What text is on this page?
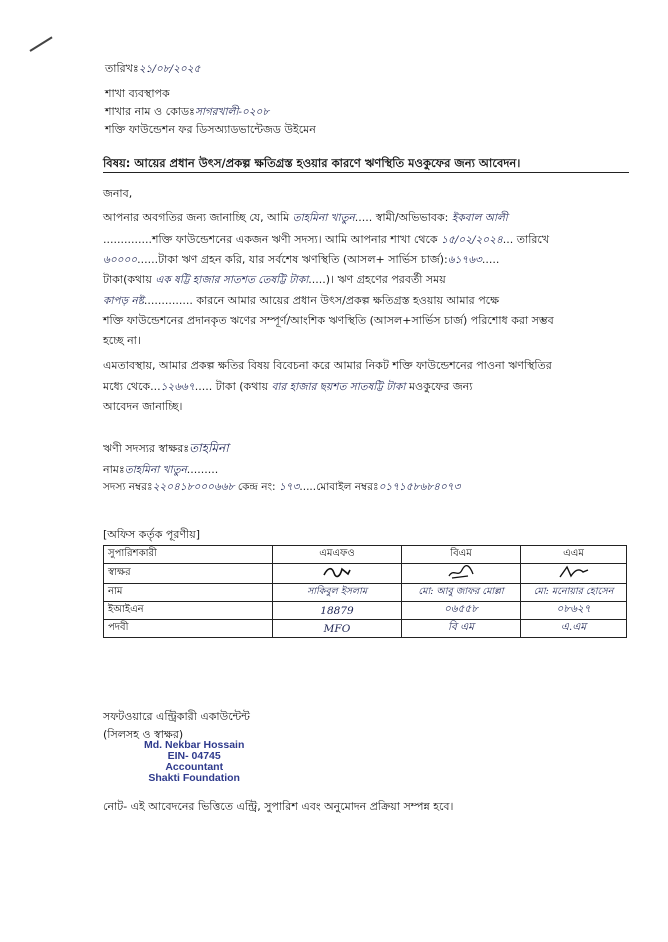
তারিখঃ২১/০৮/২০২৫
শাখা ব্যবস্থাপক
শাখার নাম ও কোডঃসাগরখালী-০২০৮
শক্তি ফাউন্ডেশন ফর ডিসঅ্যাডভান্টেজড উইমেন
বিষয়: আয়ের প্রধান উৎস/প্রকল্প ক্ষতিগ্রস্ত হওয়ার কারণে ঋণস্থিতি মওকুফের জন্য আবেদন।
জনাব,
আপনার অবগতির জন্য জানাচ্ছি যে, আমি তাহমিনা খাতুন..... স্বামী/অভিভাবক: ইকবাল আলী
..............শক্তি ফাউন্ডেশনের একজন ঋণী সদস্য। আমি আপনার শাখা থেকে ১৫/০২/২০২৪... তারিখে
৬০০০০......টাকা ঋণ গ্রহন করি, যার সর্বশেষ ঋণস্থিতি (আসল+ সার্ভিস চার্জ):৬১৭৬৩.....
টাকা(কথায় এক ষট্টি হাজার সাতশত তেষট্টি টাকা.....)। ঋণ গ্রহণের পরবর্তী সময়
কাপড় নষ্ট.............. কারনে আমার আয়ের প্রধান উৎস/প্রকল্প ক্ষতিগ্রস্ত হওয়ায় আমার পক্ষে
শক্তি ফাউন্ডেশনের প্রদানকৃত ঋণের সম্পূর্ণ/আংশিক ঋণস্থিতি (আসল+সার্ভিস চার্জ) পরিশোধ করা সম্ভব
হচ্ছে না।
এমতাবস্থায়, আমার প্রকল্প ক্ষতির বিষয় বিবেচনা করে আমার নিকট শক্তি ফাউন্ডেশনের পাওনা ঋণস্থিতির
মধ্যে থেকে...১২৬৬৭..... টাকা (কথায় বার হাজার ছয়শত সাতষট্টি টাকা মওকুফের জন্য
আবেদন জানাচ্ছি।
ঋণী সদস্যর স্বাক্ষরঃতাহমিনা
নামঃতাহমিনা খাতুন.........
সদস্য নম্বরঃ২২০৪১৮০০০৬৬৮ কেন্দ্র নং: ১৭৩.....মোবাইল নম্বরঃ০১৭১৫৮৬৮৪০৭৩
[অফিস কর্তৃক পূরণীয়]
সুপারিশকারী	এমএফও	বিএম	এএম
স্বাক্ষর			
নাম	সাকিবুল ইসলাম	মো: আবু জাফর মোল্লা	মো: মনোয়ার হোসেন
ইআইএন	18879	০৬৫৫৮	০৮৬২৭
পদবী	MFO	বি এম	এ.এম
সফটওয়ারে এন্ট্রিকারী একাউন্টেন্ট
(সিলসহ ও স্বাক্ষর)
Md. Nekbar Hossain
EIN- 04745
Accountant
Shakti Foundation
নোট- এই আবেদনের ভিত্তিতে এন্ট্রি, সুপারিশ এবং অনুমোদন প্রক্রিয়া সম্পন্ন হবে।
